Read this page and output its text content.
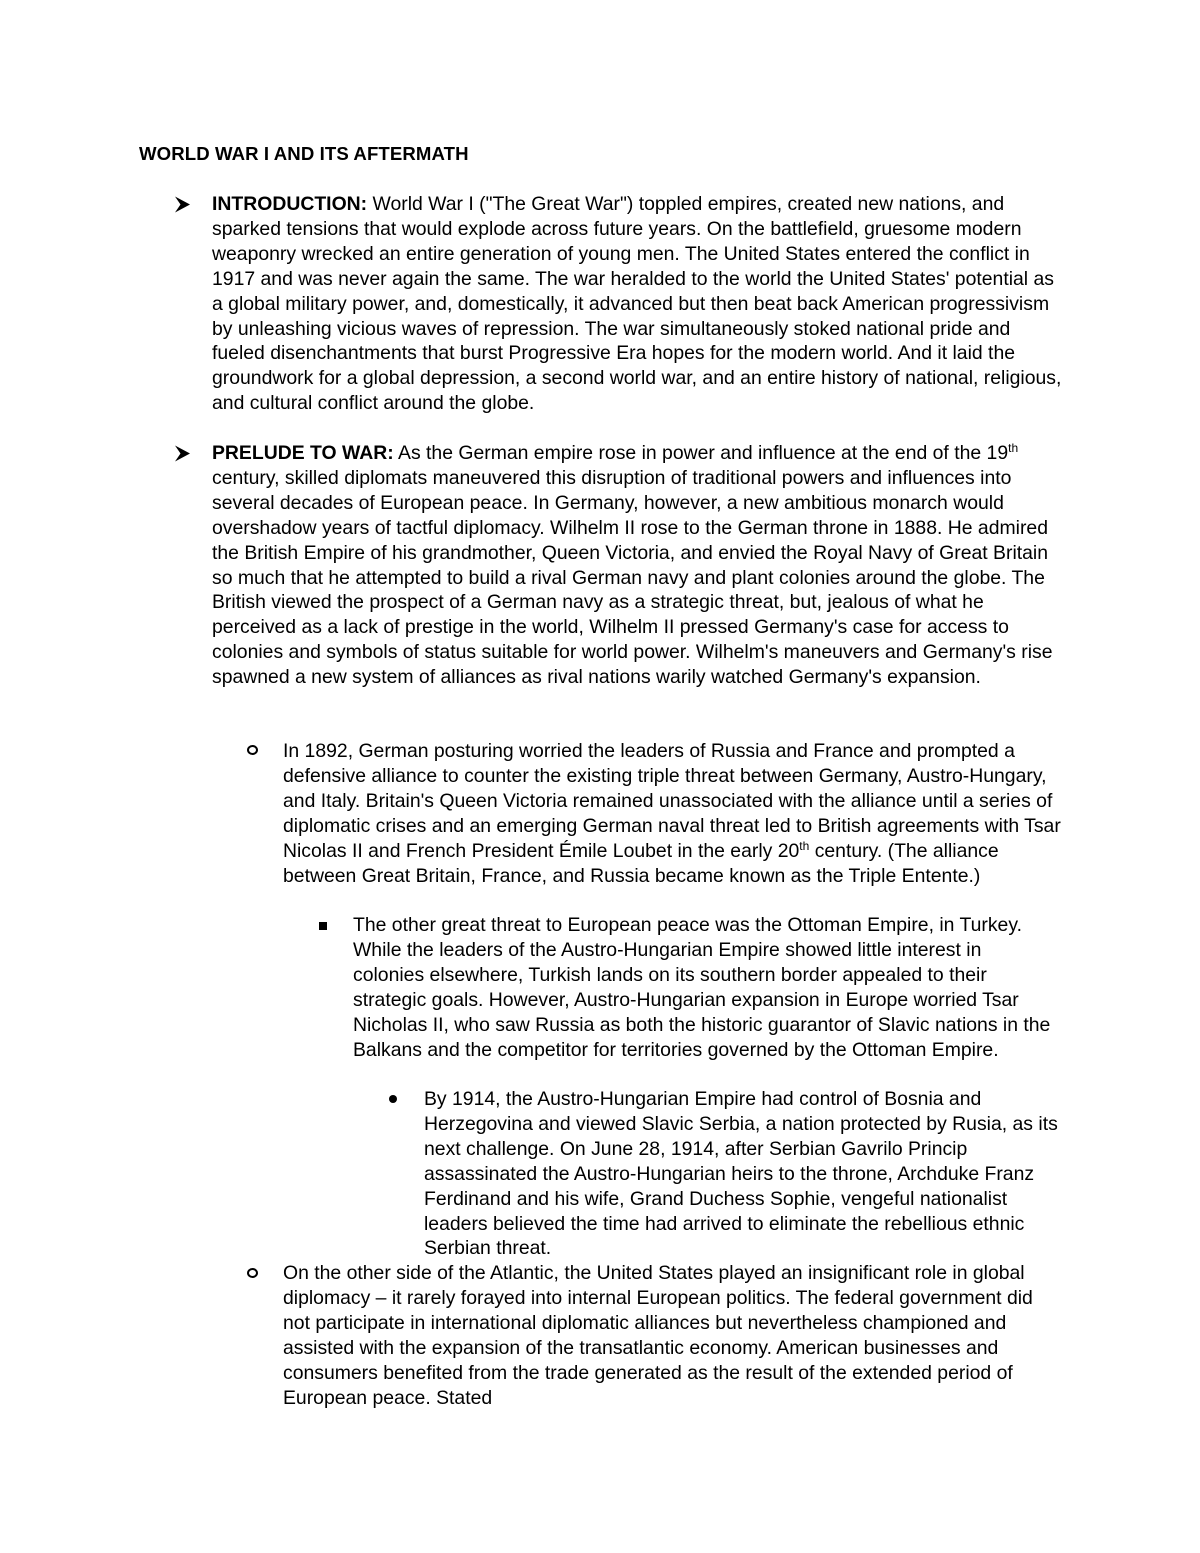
WORLD WAR I AND ITS AFTERMATH

INTRODUCTION: World War I ("The Great War") toppled empires, created new nations, and sparked tensions that would explode across future years. On the battlefield, gruesome modern weaponry wrecked an entire generation of young men. The United States entered the conflict in 1917 and was never again the same. The war heralded to the world the United States' potential as a global military power, and, domestically, it advanced but then beat back American progressivism by unleashing vicious waves of repression. The war simultaneously stoked national pride and fueled disenchantments that burst Progressive Era hopes for the modern world. And it laid the groundwork for a global depression, a second world war, and an entire history of national, religious, and cultural conflict around the globe.

PRELUDE TO WAR: As the German empire rose in power and influence at the end of the 19th century, skilled diplomats maneuvered this disruption of traditional powers and influences into several decades of European peace. In Germany, however, a new ambitious monarch would overshadow years of tactful diplomacy. Wilhelm II rose to the German throne in 1888. He admired the British Empire of his grandmother, Queen Victoria, and envied the Royal Navy of Great Britain so much that he attempted to build a rival German navy and plant colonies around the globe. The British viewed the prospect of a German navy as a strategic threat, but, jealous of what he perceived as a lack of prestige in the world, Wilhelm II pressed Germany's case for access to colonies and symbols of status suitable for world power. Wilhelm's maneuvers and Germany's rise spawned a new system of alliances as rival nations warily watched Germany's expansion.

In 1892, German posturing worried the leaders of Russia and France and prompted a defensive alliance to counter the existing triple threat between Germany, Austro-Hungary, and Italy. Britain's Queen Victoria remained unassociated with the alliance until a series of diplomatic crises and an emerging German naval threat led to British agreements with Tsar Nicolas II and French President Émile Loubet in the early 20th century. (The alliance between Great Britain, France, and Russia became known as the Triple Entente.)

The other great threat to European peace was the Ottoman Empire, in Turkey. While the leaders of the Austro-Hungarian Empire showed little interest in colonies elsewhere, Turkish lands on its southern border appealed to their strategic goals. However, Austro-Hungarian expansion in Europe worried Tsar Nicholas II, who saw Russia as both the historic guarantor of Slavic nations in the Balkans and the competitor for territories governed by the Ottoman Empire.

By 1914, the Austro-Hungarian Empire had control of Bosnia and Herzegovina and viewed Slavic Serbia, a nation protected by Rusia, as its next challenge. On June 28, 1914, after Serbian Gavrilo Princip assassinated the Austro-Hungarian heirs to the throne, Archduke Franz Ferdinand and his wife, Grand Duchess Sophie, vengeful nationalist leaders believed the time had arrived to eliminate the rebellious ethnic Serbian threat.

On the other side of the Atlantic, the United States played an insignificant role in global diplomacy – it rarely forayed into internal European politics. The federal government did not participate in international diplomatic alliances but nevertheless championed and assisted with the expansion of the transatlantic economy. American businesses and consumers benefited from the trade generated as the result of the extended period of European peace. Stated
